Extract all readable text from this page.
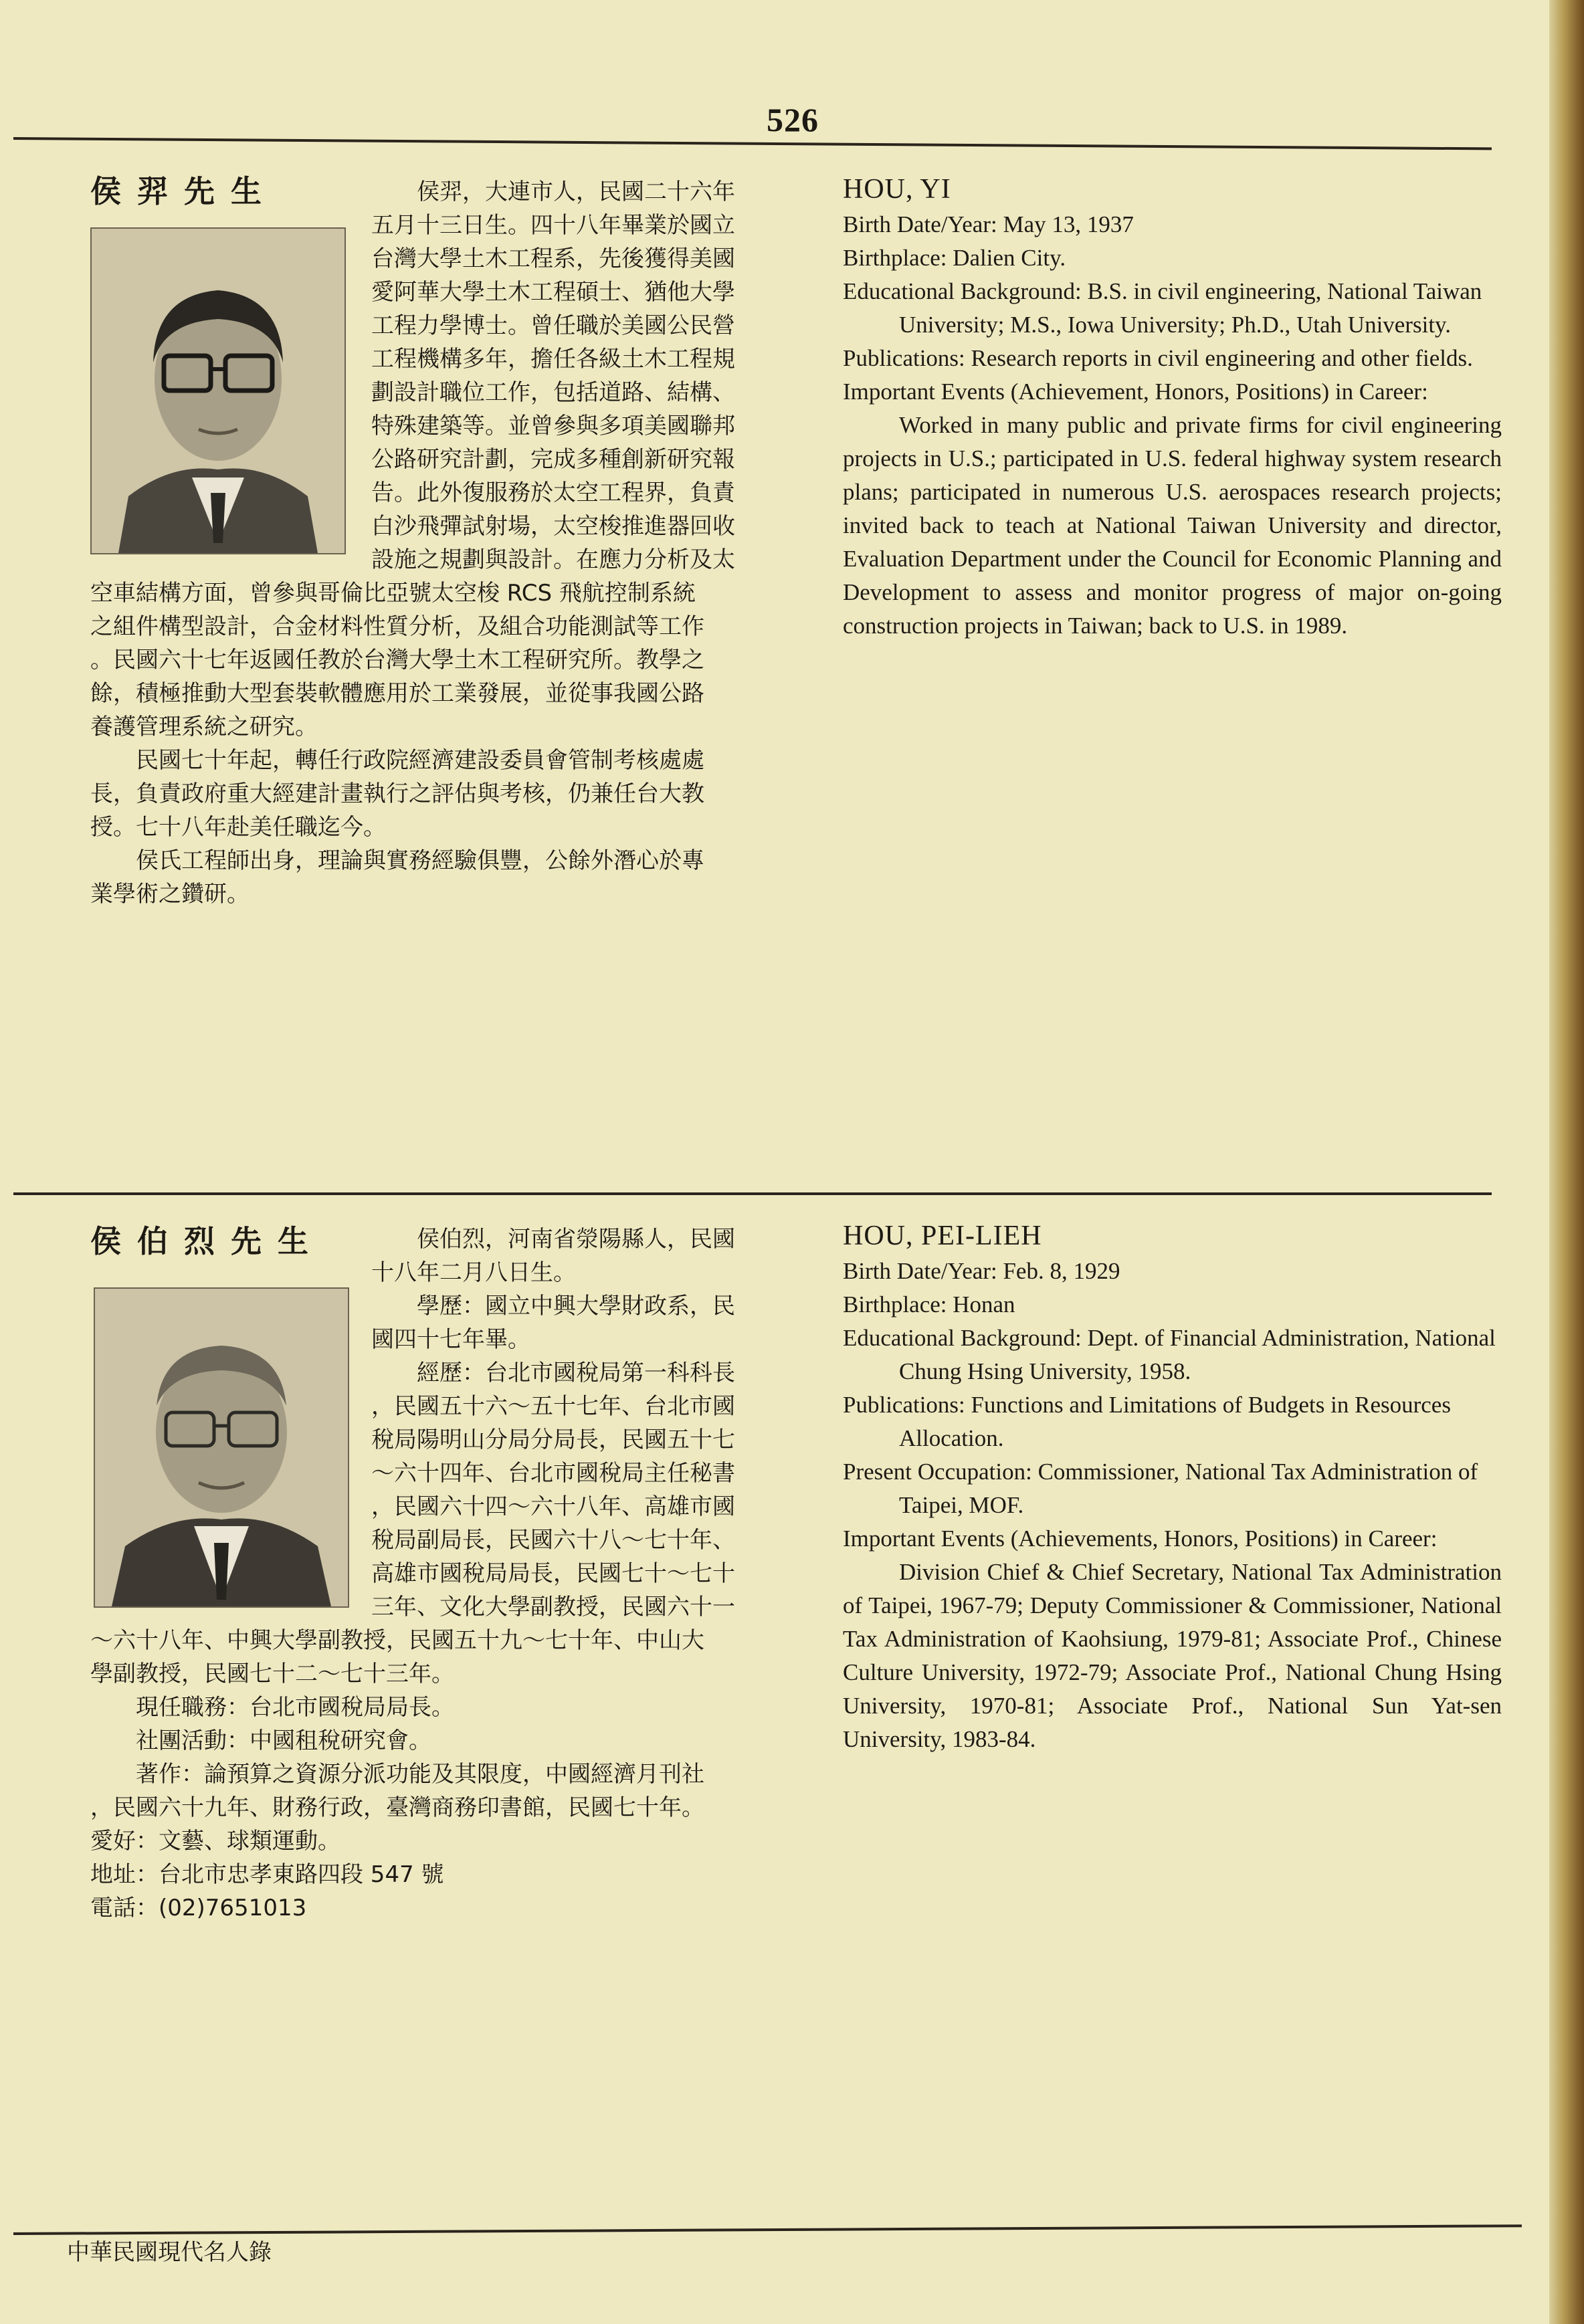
526
侯羿先生	侯羿，大連市人，民國二十六年
五月十三日生。四十八年畢業於國立
台灣大學土木工程系，先後獲得美國
愛阿華大學土木工程碩士、猶他大學
工程力學博士。曾任職於美國公民營
工程機構多年，擔任各級土木工程規
劃設計職位工作，包括道路、結構、
特殊建築等。並曾參與多項美國聯邦
公路研究計劃，完成多種創新研究報
告。此外復服務於太空工程界，負責
白沙飛彈試射場，太空梭推進器回收
設施之規劃與設計。在應力分析及太
空車結構方面，曾參與哥倫比亞號太空梭 RCS 飛航控制系統
之組件構型設計，合金材料性質分析，及組合功能測試等工作
。民國六十七年返國任教於台灣大學土木工程研究所。教學之
餘，積極推動大型套裝軟體應用於工業發展，並從事我國公路
養護管理系統之研究。
民國七十年起，轉任行政院經濟建設委員會管制考核處處
長，負責政府重大經建計畫執行之評估與考核，仍兼任台大教
授。七十八年赴美任職迄今。
侯氏工程師出身，理論與實務經驗俱豐，公餘外潛心於專
業學術之鑽研。
HOU, YI

Birth Date/Year: May 13, 1937

Birthplace: Dalien City.

Educational Background: B.S. in civil engineering, National Taiwan University; M.S., Iowa University; Ph.D., Utah University.

Publications: Research reports in civil engineering and other fields.

Important Events (Achievement, Honors, Positions) in Career:

Worked in many public and private firms for civil engineering projects in U.S.; participated in U.S. federal highway system research plans; participated in numerous U.S. aerospaces research projects; invited back to teach at National Taiwan University and director, Evaluation Department under the Council for Economic Planning and Development to assess and monitor progress of major on-going construction projects in Taiwan; back to U.S. in 1989.

侯伯烈先生	侯伯烈，河南省滎陽縣人，民國
十八年二月八日生。
學歷：國立中興大學財政系，民
國四十七年畢。
經歷：台北市國稅局第一科科長
，民國五十六～五十七年、台北市國
稅局陽明山分局分局長，民國五十七
～六十四年、台北市國稅局主任秘書
，民國六十四～六十八年、高雄市國
稅局副局長，民國六十八～七十年、
高雄市國稅局局長，民國七十～七十
三年、文化大學副教授，民國六十一
～六十八年、中興大學副教授，民國五十九～七十年、中山大
學副教授，民國七十二～七十三年。
現任職務：台北市國稅局局長。
社團活動：中國租稅研究會。
著作：論預算之資源分派功能及其限度，中國經濟月刊社
，民國六十九年、財務行政，臺灣商務印書館，民國七十年。
愛好：文藝、球類運動。
地址：台北市忠孝東路四段 547 號
電話：(02)7651013
HOU, PEI-LIEH

Birth Date/Year: Feb. 8, 1929

Birthplace: Honan

Educational Background: Dept. of Financial Administration, National Chung Hsing University, 1958.

Publications: Functions and Limitations of Budgets in Resources Allocation.

Present Occupation: Commissioner, National Tax Administration of Taipei, MOF.

Important Events (Achievements, Honors, Positions) in Career:

Division Chief & Chief Secretary, National Tax Administration of Taipei, 1967-79; Deputy Commissioner & Commissioner, National Tax Administration of Kaohsiung, 1979-81; Associate Prof., Chinese Culture University, 1972-79; Associate Prof., National Chung Hsing University, 1970-81; Associate Prof., National Sun Yat-sen University, 1983-84.

中華民國現代名人錄
